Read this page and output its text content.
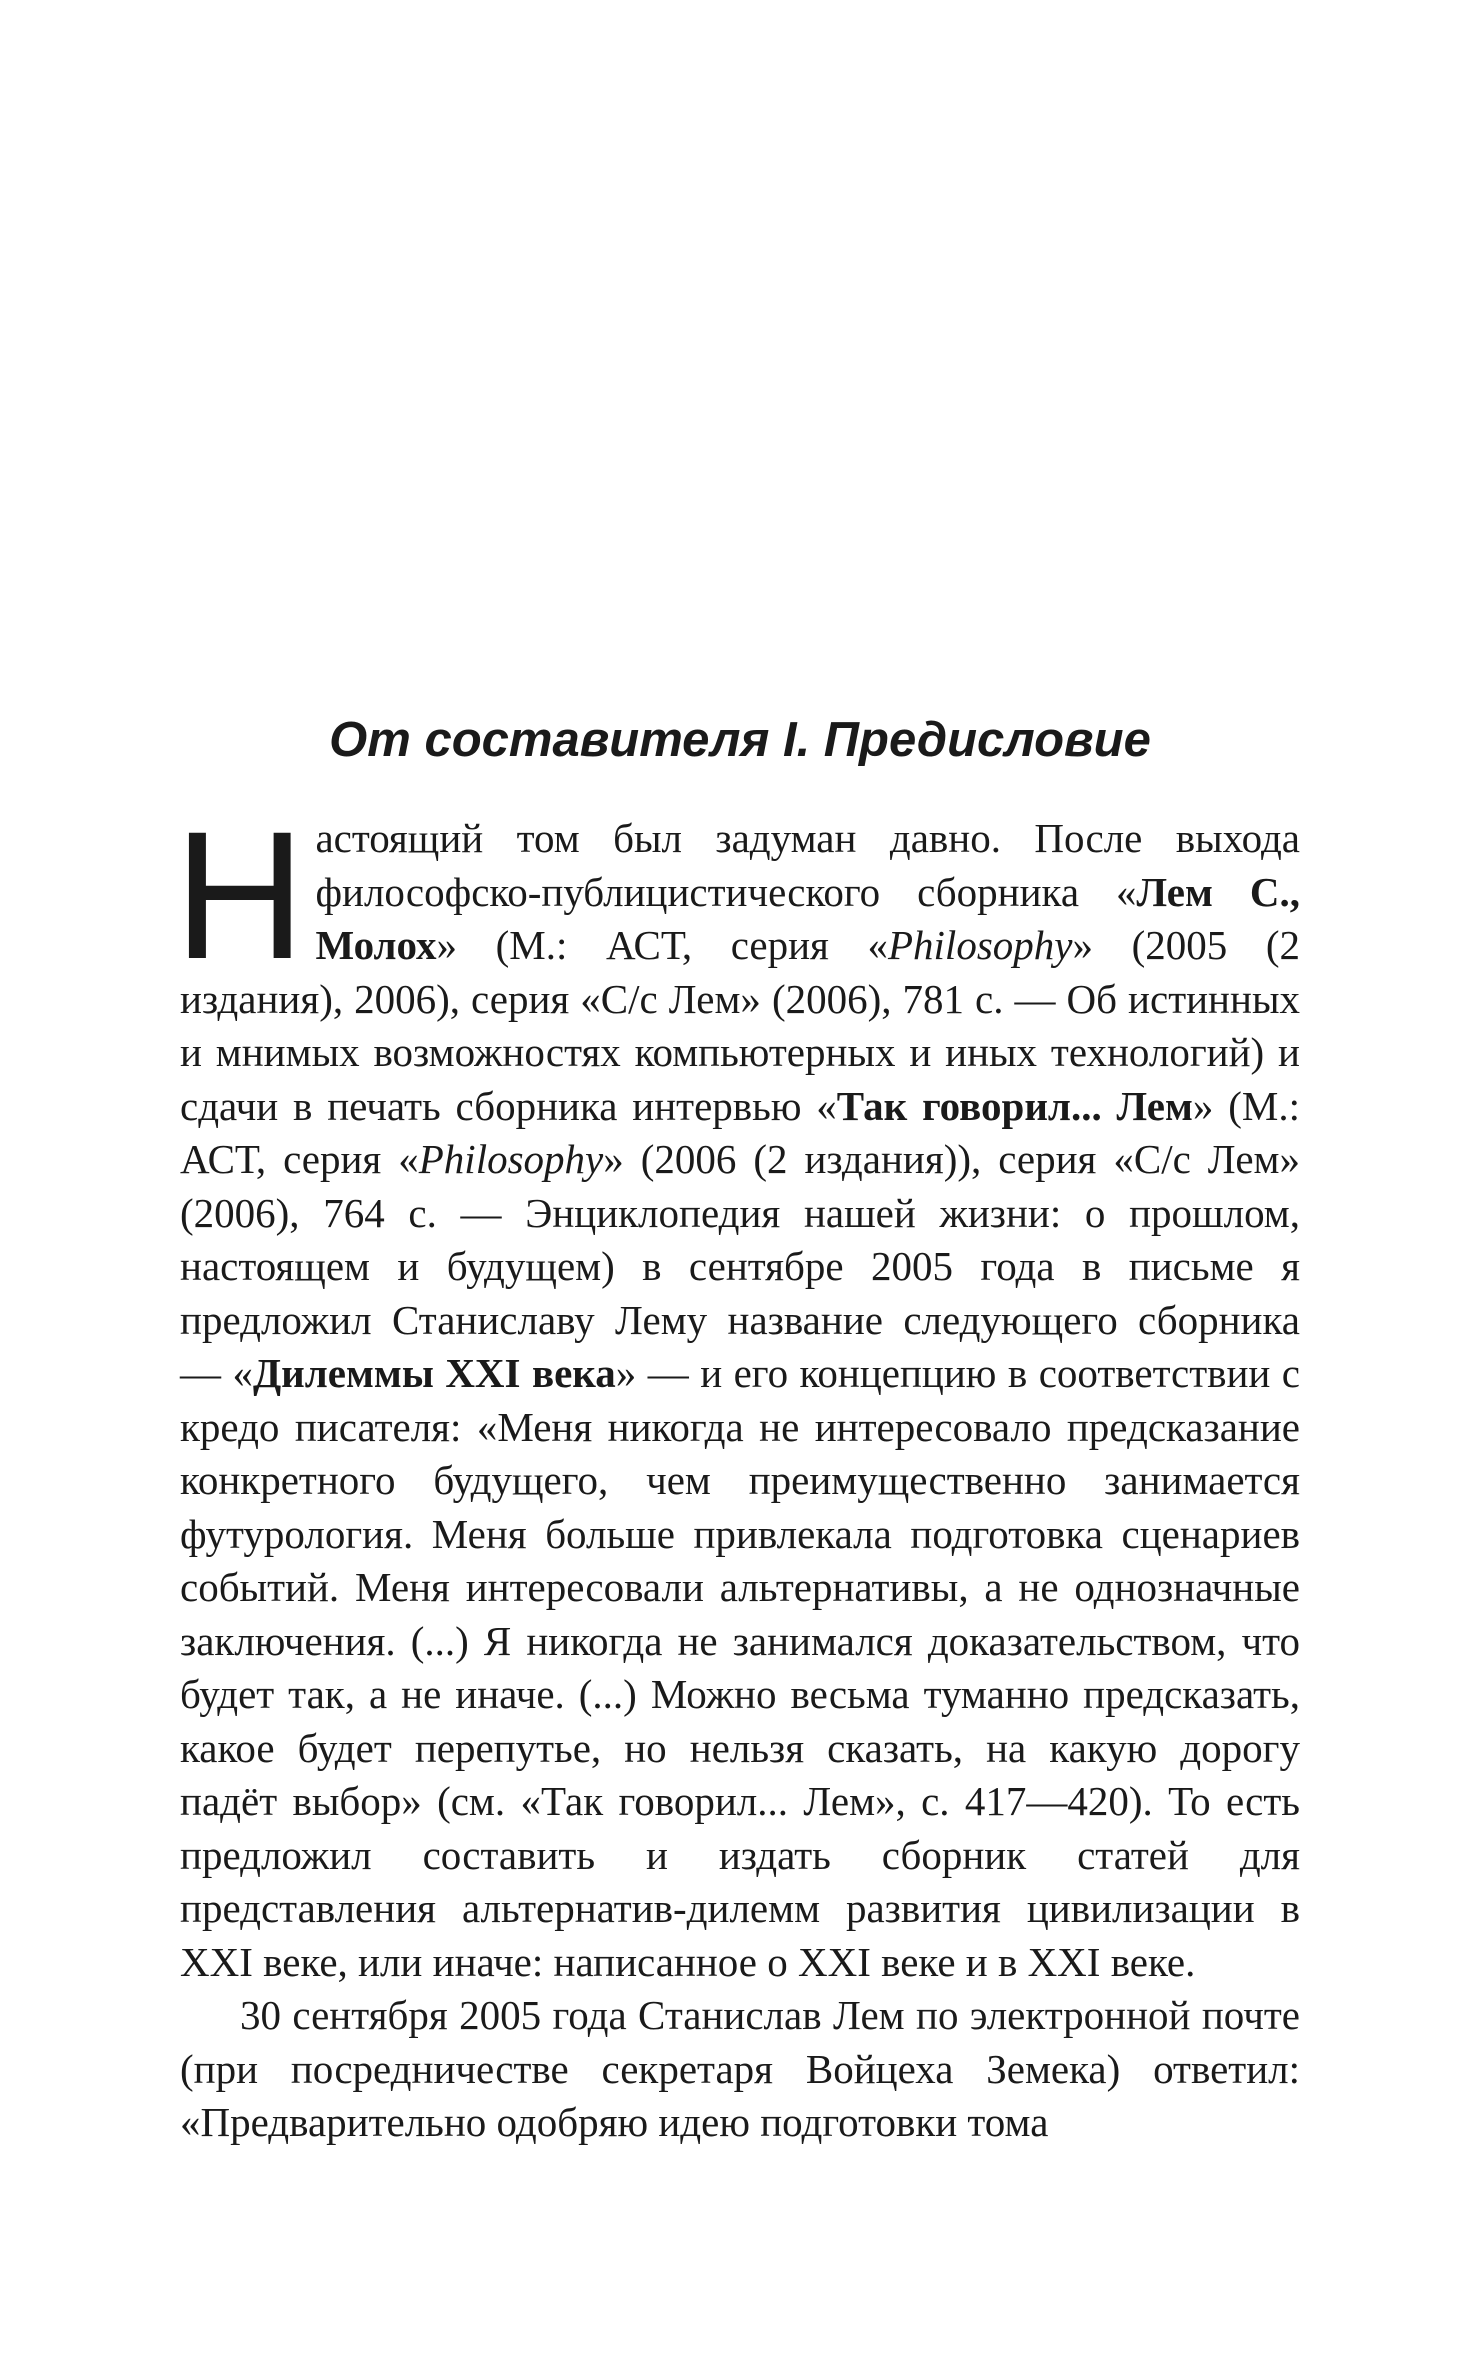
От составителя I. Предисловие

Настоящий том был задуман давно. После выхода философско-публицистического сборника «Лем С., Молох» (М.: АСТ, серия «Philosophy» (2005 (2 издания), 2006), серия «С/с Лем» (2006), 781 с. — Об истинных и мнимых возможностях компьютерных и иных технологий) и сдачи в печать сборника интервью «Так говорил... Лем» (М.: АСТ, серия «Philosophy» (2006 (2 издания)), серия «С/с Лем» (2006), 764 с. — Энциклопедия нашей жизни: о прошлом, настоящем и будущем) в сентябре 2005 года в письме я предложил Станиславу Лему название следующего сборника — «Дилеммы XXI века» — и его концепцию в соответствии с кредо писателя: «Меня никогда не интересовало предсказание конкретного будущего, чем преимущественно занимается футурология. Меня больше привлекала подготовка сценариев событий. Меня интересовали альтернативы, а не однозначные заключения. (...) Я никогда не занимался доказательством, что будет так, а не иначе. (...) Можно весьма туманно предсказать, какое будет перепутье, но нельзя сказать, на какую дорогу падёт выбор» (см. «Так говорил... Лем», с. 417—420). То есть предложил составить и издать сборник статей для представления альтернатив-дилемм развития цивилизации в XXI веке, или иначе: написанное о XXI веке и в XXI веке.

30 сентября 2005 года Станислав Лем по электронной почте (при посредничестве секретаря Войцеха Земека) ответил: «Предварительно одобряю идею подготовки тома
